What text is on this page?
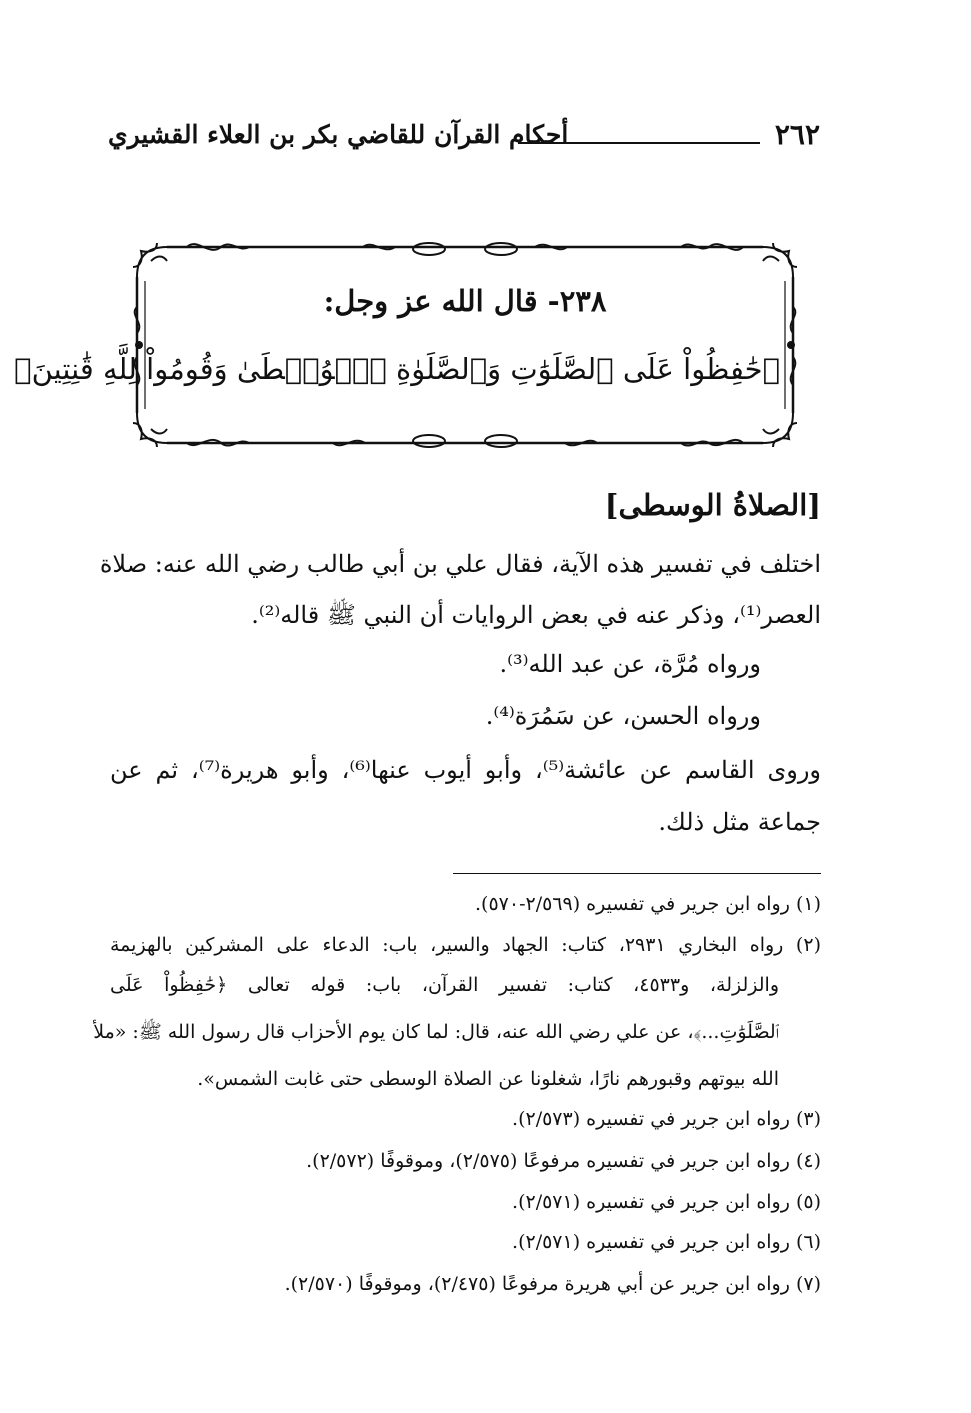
٢٦٢
أحكام القرآن للقاضي بكر بن العلاء القشيري
٢٣٨- قال الله عز وجل:
﴿حَٰفِظُواْ عَلَى ٱلصَّلَوَٰتِ وَٱلصَّلَوٰةِ ٱلۡوُسۡطَىٰ وَقُومُواْ لِلَّهِ قَٰنِتِينَ﴾
[الصلاةُ الوسطى]
اختلف في تفسير هذه الآية، فقال علي بن أبي طالب رضي الله عنه: صلاة
العصر⁽¹⁾، وذكر عنه في بعض الروايات أن النبي ﷺ قاله⁽²⁾.
ورواه مُرَّة، عن عبد الله⁽³⁾.
ورواه الحسن، عن سَمُرَة⁽⁴⁾.
وروى القاسم عن عائشة⁽⁵⁾، وأبو أيوب عنها⁽⁶⁾، وأبو هريرة⁽⁷⁾، ثم عن
جماعة مثل ذلك.
(١) رواه ابن جرير في تفسيره (٢/٥٦٩-٥٧٠).
(٢) رواه البخاري ٢٩٣١، كتاب: الجهاد والسير، باب: الدعاء على المشركين بالهزيمة
والزلزلة، و٤٥٣٣، كتاب: تفسير القرآن، باب: قوله تعالى ﴿حَٰفِظُواْ عَلَى
ٱلصَّلَوَٰتِ...﴾، عن علي رضي الله عنه، قال: لما كان يوم الأحزاب قال رسول الله ﷺ: «ملأ
الله بيوتهم وقبورهم نارًا، شغلونا عن الصلاة الوسطى حتى غابت الشمس».
(٣) رواه ابن جرير في تفسيره (٢/٥٧٣).
(٤) رواه ابن جرير في تفسيره مرفوعًا (٢/٥٧٥)، وموقوفًا (٢/٥٧٢).
(٥) رواه ابن جرير في تفسيره (٢/٥٧١).
(٦) رواه ابن جرير في تفسيره (٢/٥٧١).
(٧) رواه ابن جرير عن أبي هريرة مرفوعًا (٢/٤٧٥)، وموقوفًا (٢/٥٧٠).
